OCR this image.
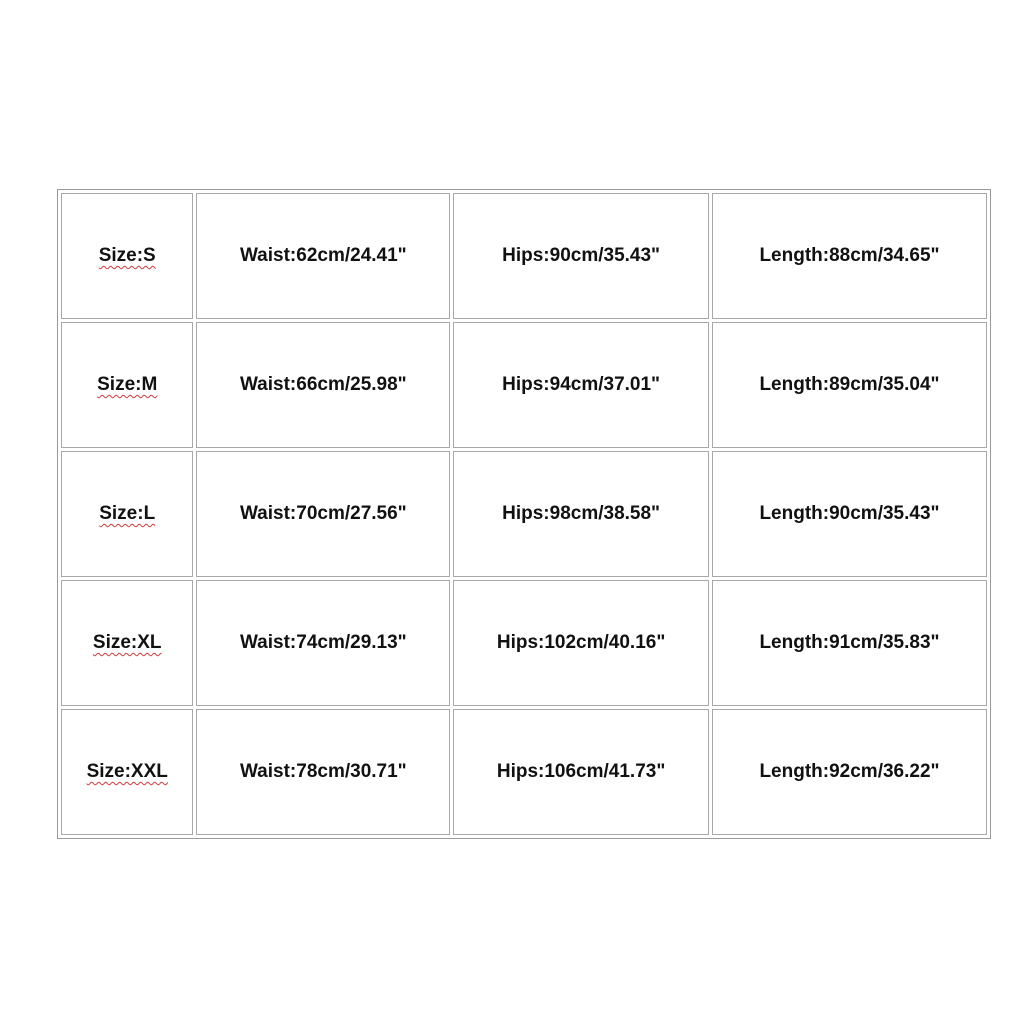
Size:S	Waist:62cm/24.41"	Hips:90cm/35.43"	Length:88cm/34.65"
Size:M	Waist:66cm/25.98"	Hips:94cm/37.01"	Length:89cm/35.04"
Size:L	Waist:70cm/27.56"	Hips:98cm/38.58"	Length:90cm/35.43"
Size:XL	Waist:74cm/29.13"	Hips:102cm/40.16"	Length:91cm/35.83"
Size:XXL	Waist:78cm/30.71"	Hips:106cm/41.73"	Length:92cm/36.22"
